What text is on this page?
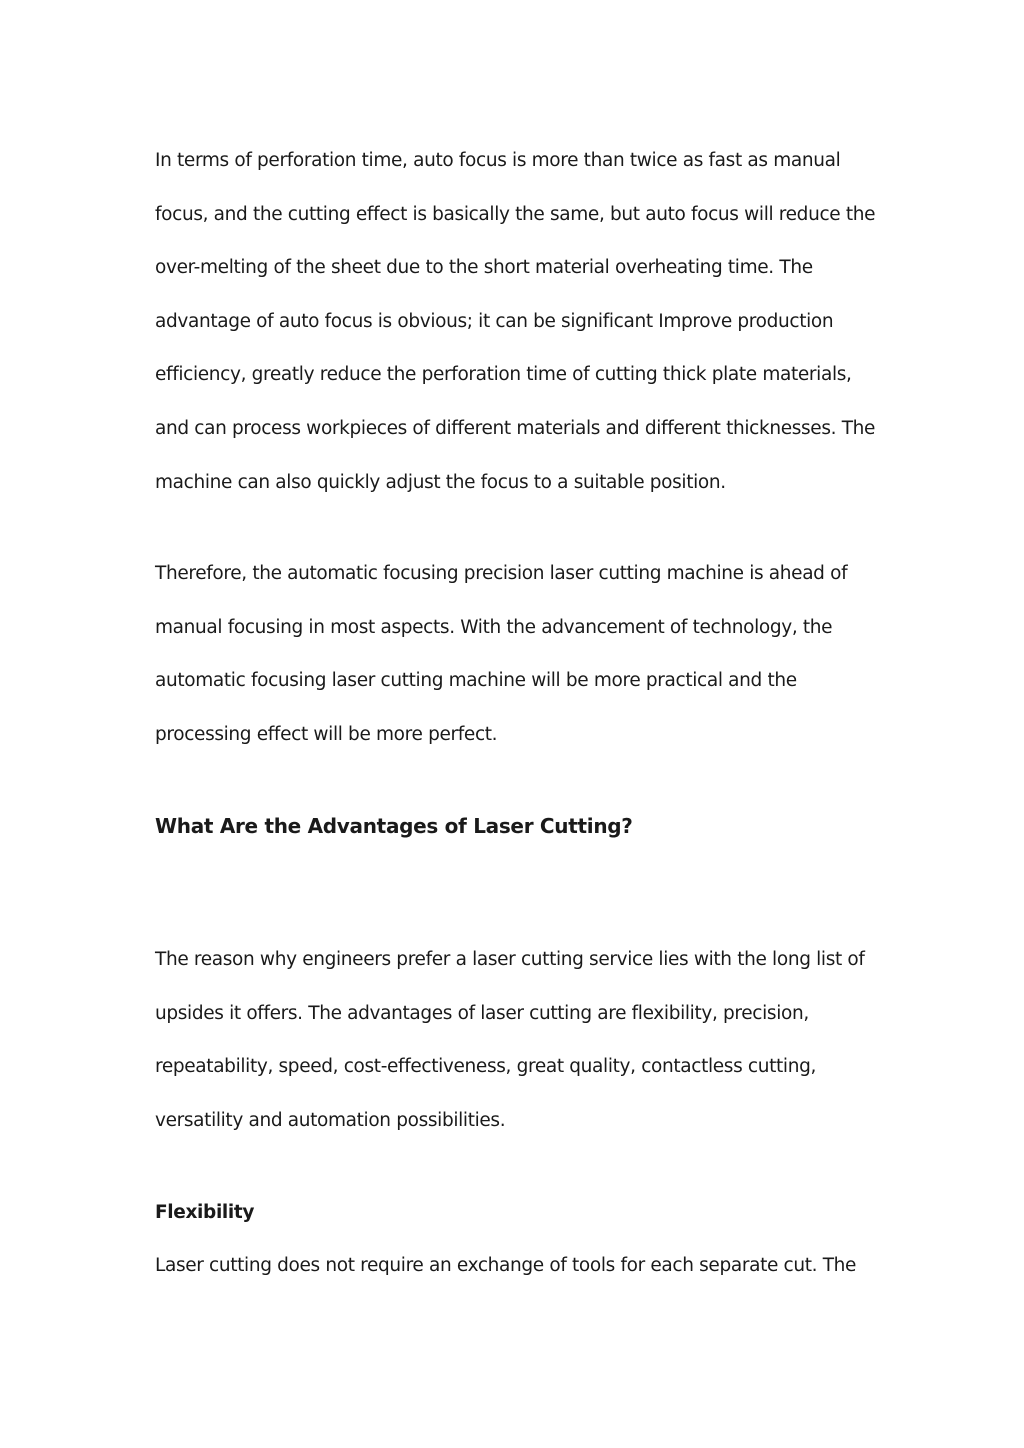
In terms of perforation time, auto focus is more than twice as fast as manual
focus, and the cutting effect is basically the same, but auto focus will reduce the
over-melting of the sheet due to the short material overheating time. The
advantage of auto focus is obvious; it can be significant Improve production
efficiency, greatly reduce the perforation time of cutting thick plate materials,
and can process workpieces of different materials and different thicknesses. The
machine can also quickly adjust the focus to a suitable position.

Therefore, the automatic focusing precision laser cutting machine is ahead of
manual focusing in most aspects. With the advancement of technology, the
automatic focusing laser cutting machine will be more practical and the
processing effect will be more perfect.

What Are the Advantages of Laser Cutting?

The reason why engineers prefer a laser cutting service lies with the long list of
upsides it offers. The advantages of laser cutting are flexibility, precision,
repeatability, speed, cost-effectiveness, great quality, contactless cutting,
versatility and automation possibilities.

Flexibility

Laser cutting does not require an exchange of tools for each separate cut. The
